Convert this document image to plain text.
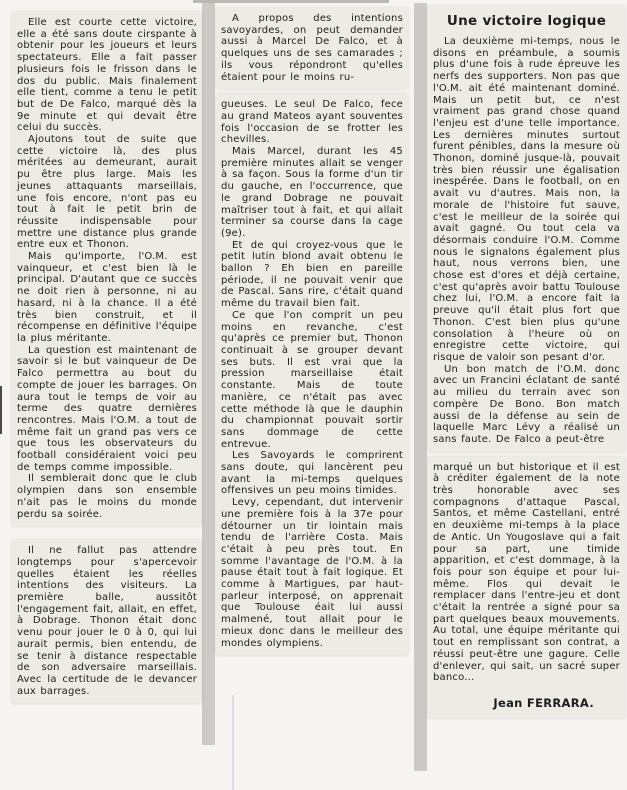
Elle est courte cette victoire, elle a été sans doute cirspante à obtenir pour les joueurs et leurs spectateurs. Elle a fait passer plusieurs fois le frisson dans le dos du public. Mais finalement elle tient, comme a tenu le petit but de De Falco, marqué dès la 9e minute et qui devait être celui du succès.

Ajoutons tout de suite que cette victoire là, des plus méritées au demeurant, aurait pu être plus large. Mais les jeunes attaquants marseillais, une fois encore, n'ont pas eu tout à fait le petit brin de réussite indispensable pour mettre une distance plus grande entre eux et Thonon.

Mais qu'importe, l'O.M. est vainqueur, et c'est bien là le principal. D'autant que ce succès ne doit rien à personne, ni au hasard, ni à la chance. Il a été très bien construit, et il récompense en définitive l'équipe la plus méritante.

La question est maintenant de savoir si le but vainqueur de De Falco permettra au bout du compte de jouer les barrages. On aura tout le temps de voir au terme des quatre dernières rencontres. Mais l'O.M. a tout de même fait un grand pas vers ce que tous les observateurs du football considéraient voici peu de temps comme impossible.

Il semblerait donc que le club olympien dans son ensemble n'ait pas le moins du monde perdu sa soirée.

Il ne fallut pas attendre longtemps pour s'apercevoir quelles étaient les réelles intentions des visiteurs. La première balle, aussitôt l'engagement fait, allait, en effet, à Dobrage. Thonon était donc venu pour jouer le 0 à 0, qui lui aurait permis, bien entendu, de se tenir à distance respectable de son adversaire marseillais. Avec la certitude de le devancer aux barrages.

A propos des intentions savoyardes, on peut demander aussi à Marcel De Falco, et à quelques uns de ses camarades ; ils vous répondront qu'elles étaient pour le moins ru-

gueuses. Le seul De Falco, fece au grand Mateos ayant souventes fois l'occasion de se frotter les chevilles.

Mais Marcel, durant les 45 première minutes allait se venger à sa façon. Sous la forme d'un tir du gauche, en l'occurrence, que le grand Dobrage ne pouvait maîtriser tout à fait, et qui allait terminer sa course dans la cage (9e).

Et de qui croyez-vous que le petit lutin blond avait obtenu le ballon ? Eh bien en pareille période, il ne pouvait venir que de Pascal. Sans rire, c'était quand même du travail bien fait.

Ce que l'on comprit un peu moins en revanche, c'est qu'après ce premier but, Thonon continuait à se grouper devant ses buts. Il est vrai que la pression marseillaise était constante. Mais de toute manière, ce n'était pas avec cette méthode là que le dauphin du championnat pouvait sortir sans dommage de cette entrevue.

Les Savoyards le comprirent sans doute, qui lancèrent peu avant la mi-temps quelques offensives un peu moins timides.

Levy, cependant, dut intervenir une première fois à la 37e pour détourner un tir lointain mais tendu de l'arrière Costa. Mais c'était à peu près tout. En somme l'avantage de l'O.M. à la pause était tout à fait logique. Et comme à Martigues, par haut-parleur interposé, on apprenait que Toulouse éait lui aussi malmené, tout allait pour le mieux donc dans le meilleur des mondes olympiens.

Une victoire logique

La deuxième mi-temps, nous le disons en préambule, a soumis plus d'une fois à rude épreuve les nerfs des supporters. Non pas que l'O.M. ait été maintenant dominé. Mais un petit but, ce n'est vraiment pas grand chose quand l'enjeu est d'une telle importance. Les dernières minutes surtout furent pénibles, dans la mesure où Thonon, dominé jusque-là, pouvait très bien réussir une égalisation inespérée. Dans le football, on en avait vu d'autres. Mais non, la morale de l'histoire fut sauve, c'est le meilleur de la soirée qui avait gagné. Ou tout cela va désormais conduire l'O.M. Comme nous le signalons également plus haut, nous verrons bien, une chose est d'ores et déjà certaine, c'est qu'après avoir battu Toulouse chez lui, l'O.M. a encore fait la preuve qu'il était plus fort que Thonon. C'est bien plus qu'une consolation à l'heure où on enregistre cette victoire, qui risque de valoir son pesant d'or.

Un bon match de l'O.M. donc avec un Francini éclatant de santé au milieu du terrain avec son compère De Bono. Bon match aussi de la défense au sein de laquelle Marc Lévy a réalisé un sans faute. De Falco a peut-être

marqué un but historique et il est à créditer également de la note très honorable avec ses compagnons d'attaque Pascal, Santos, et même Castellani, entré en deuxième mi-temps à la place de Antic. Un Yougoslave qui a fait pour sa part, une timide apparition, et c'est dommage, à la fois pour son équipe et pour lui-même. Flos qui devait le remplacer dans l'entre-jeu et dont c'était la rentrée a signé pour sa part quelques beaux mouvements. Au total, une équipe méritante qui tout en remplissant son contrat, a réussi peut-être une gagure. Celle d'enlever, qui sait, un sacré super banco...

Jean FERRARA.
